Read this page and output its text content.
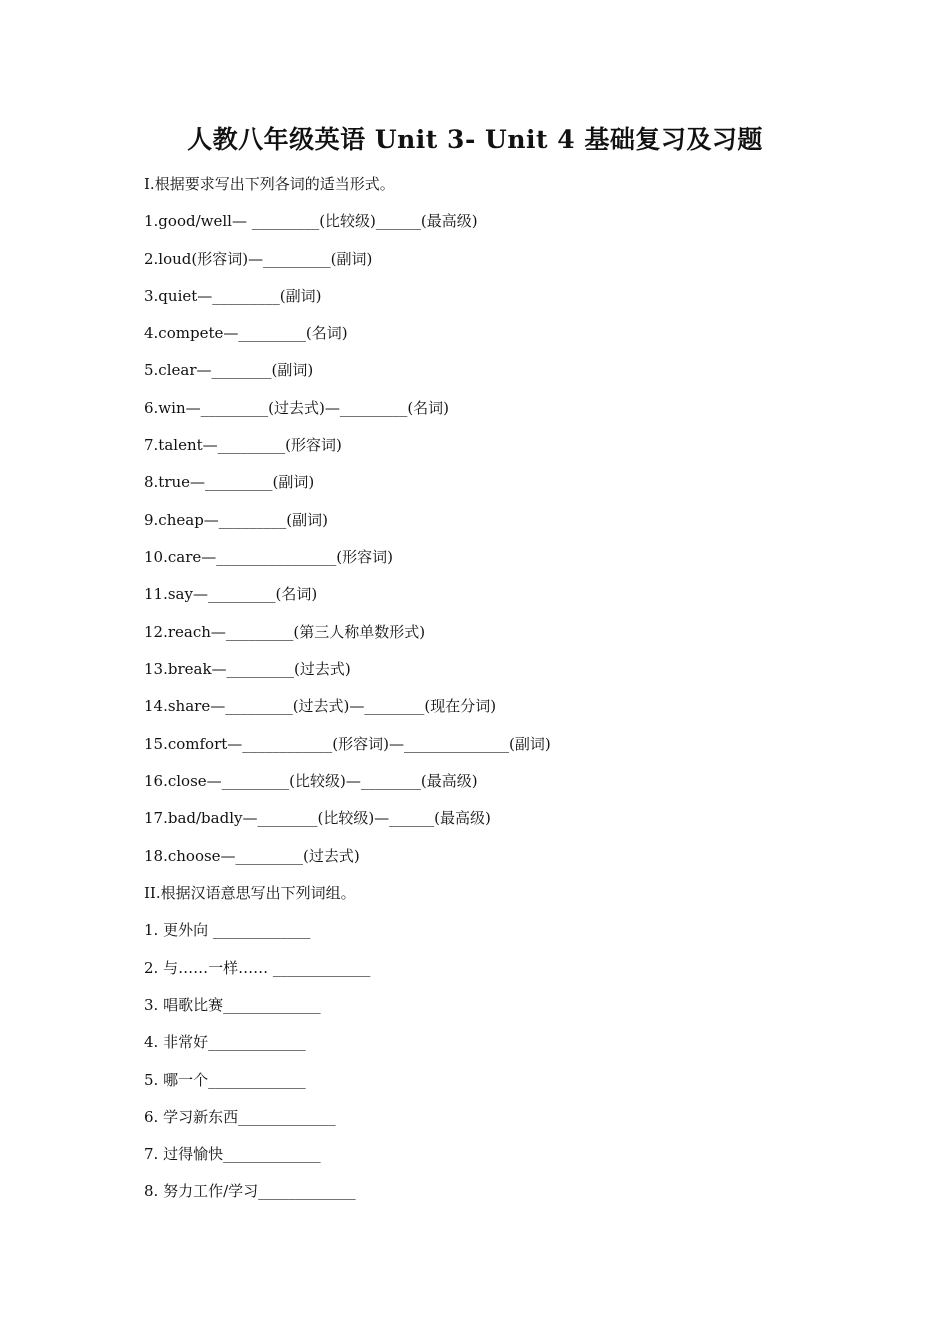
人教八年级英语 Unit 3- Unit 4 基础复习及习题
I.根据要求写出下列各词的适当形式。
1.good/well— _________(比较级)______(最高级)
2.loud(形容词)—_________(副词)
3.quiet—_________(副词)
4.compete—_________(名词)
5.clear—________(副词)
6.win—_________(过去式)—_________(名词)
7.talent—_________(形容词)
8.true—_________(副词)
9.cheap—_________(副词)
10.care—________________(形容词)
11.say—_________(名词)
12.reach—_________(第三人称单数形式)
13.break—_________(过去式)
14.share—_________(过去式)—________(现在分词)
15.comfort—____________(形容词)—______________(副词)
16.close—_________(比较级)—________(最高级)
17.bad/badly—________(比较级)—______(最高级)
18.choose—_________(过去式)
II.根据汉语意思写出下列词组。
1. 更外向 _____________
2. 与……一样…… _____________
3. 唱歌比赛_____________
4. 非常好_____________
5. 哪一个_____________
6. 学习新东西_____________
7. 过得愉快_____________
8. 努力工作/学习_____________
